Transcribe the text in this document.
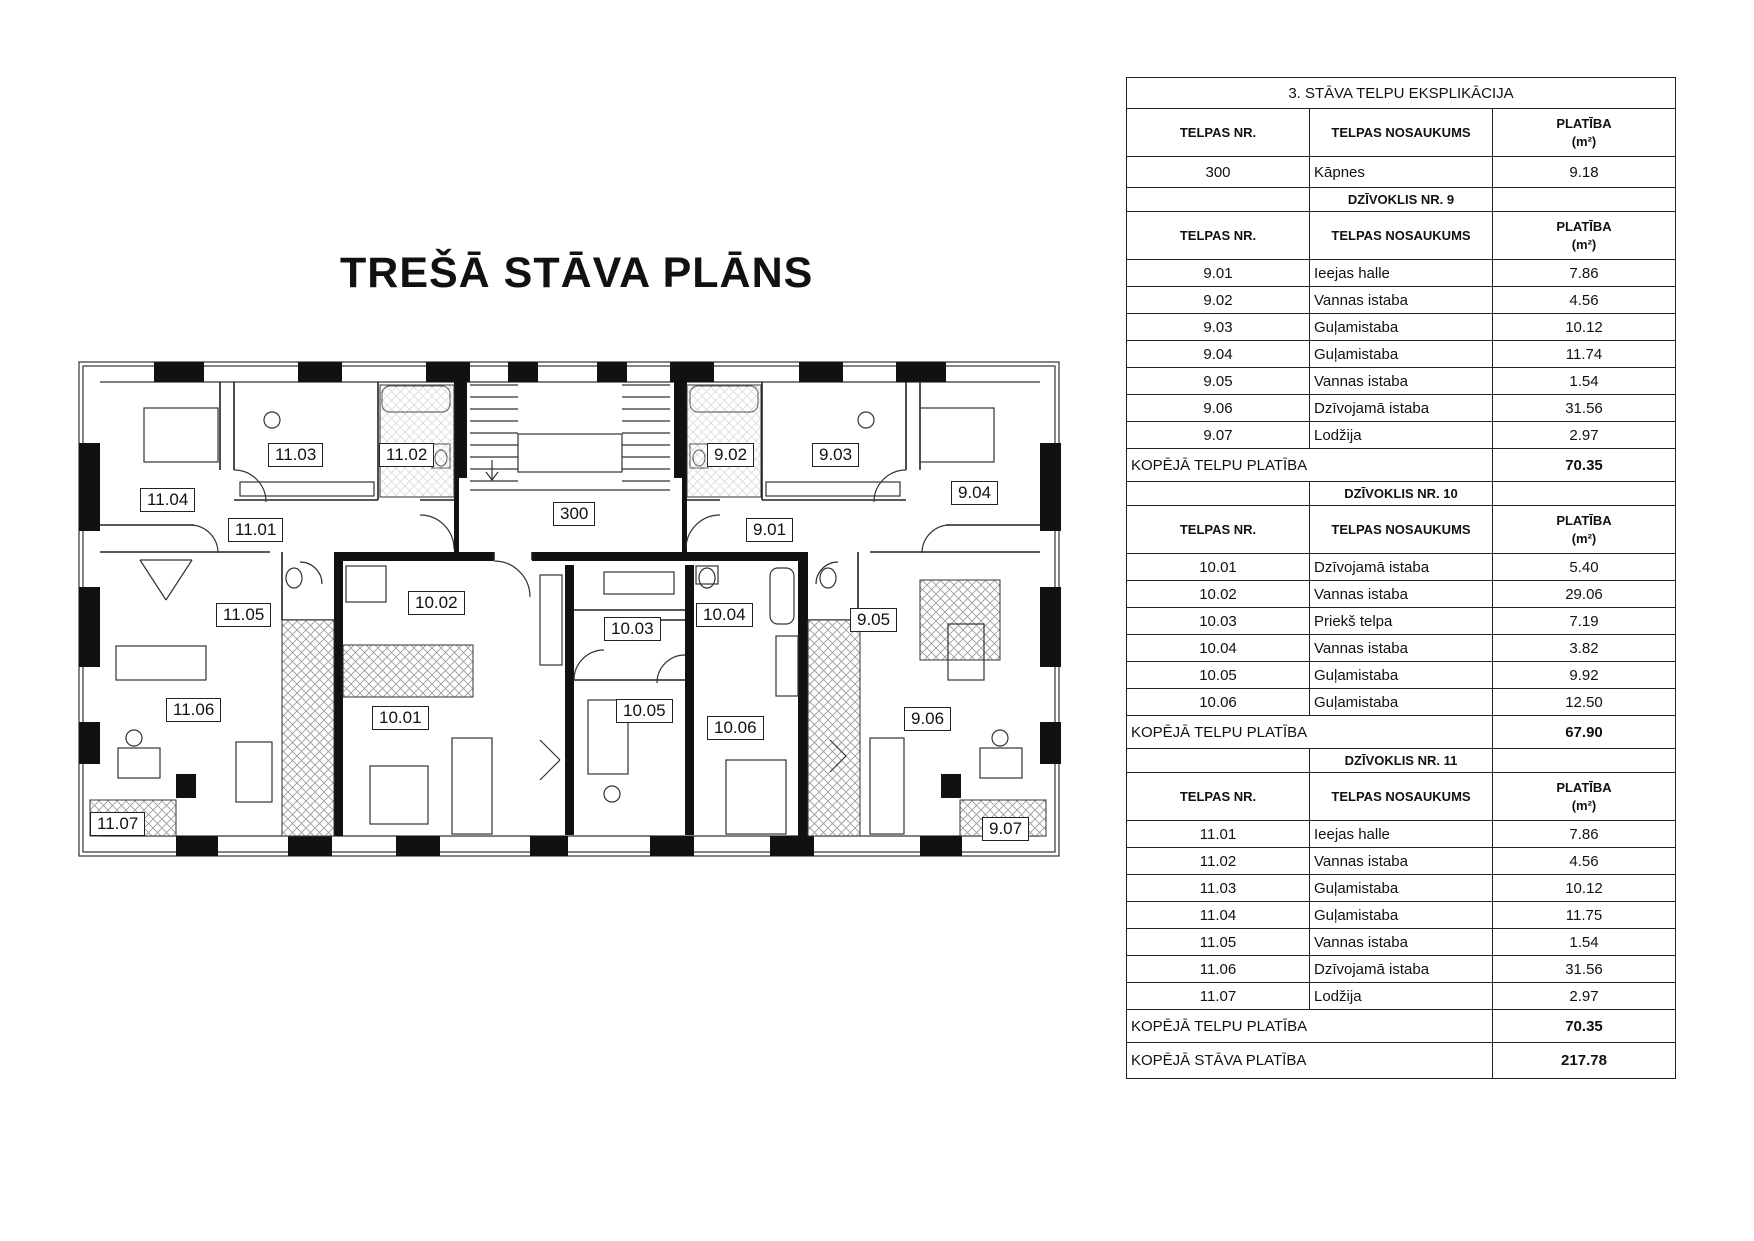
TREŠĀ STĀVA PLĀNS
11.04
11.03	11.02
11.01
11.05
11.06
11.07
300
10.02
10.01
10.03
10.04
10.05
10.06
9.02	9.03
9.04
9.01
9.05
9.06
9.07
3. STĀVA TELPU EKSPLIKĀCIJA		
TELPAS NR.	TELPAS NOSAUKUMS	PLATĪBA
(m²)

300	Kāpnes	9.18
	DZĪVOKLIS NR. 9	
TELPAS NR.	TELPAS NOSAUKUMS	PLATĪBA
(m²)

9.01	Ieejas halle	7.86
9.02	Vannas istaba	4.56
9.03	Guļamistaba	10.12
9.04	Guļamistaba	11.74
9.05	Vannas istaba	1.54
9.06	Dzīvojamā istaba	31.56
9.07	Lodžija	2.97
KOPĒJĀ TELPU PLATĪBA		70.35
	DZĪVOKLIS NR. 10	
TELPAS NR.	TELPAS NOSAUKUMS	PLATĪBA
(m²)

10.01	Dzīvojamā istaba	5.40
10.02	Vannas istaba	29.06
10.03	Priekš telpa	7.19
10.04	Vannas istaba	3.82
10.05	Guļamistaba	9.92
10.06	Guļamistaba	12.50
KOPĒJĀ TELPU PLATĪBA		67.90
	DZĪVOKLIS NR. 11	
TELPAS NR.	TELPAS NOSAUKUMS	PLATĪBA
(m²)

11.01	Ieejas halle	7.86
11.02	Vannas istaba	4.56
11.03	Guļamistaba	10.12
11.04	Guļamistaba	11.75
11.05	Vannas istaba	1.54
11.06	Dzīvojamā istaba	31.56
11.07	Lodžija	2.97
KOPĒJĀ TELPU PLATĪBA		70.35
KOPĒJĀ STĀVA PLATĪBA		217.78
